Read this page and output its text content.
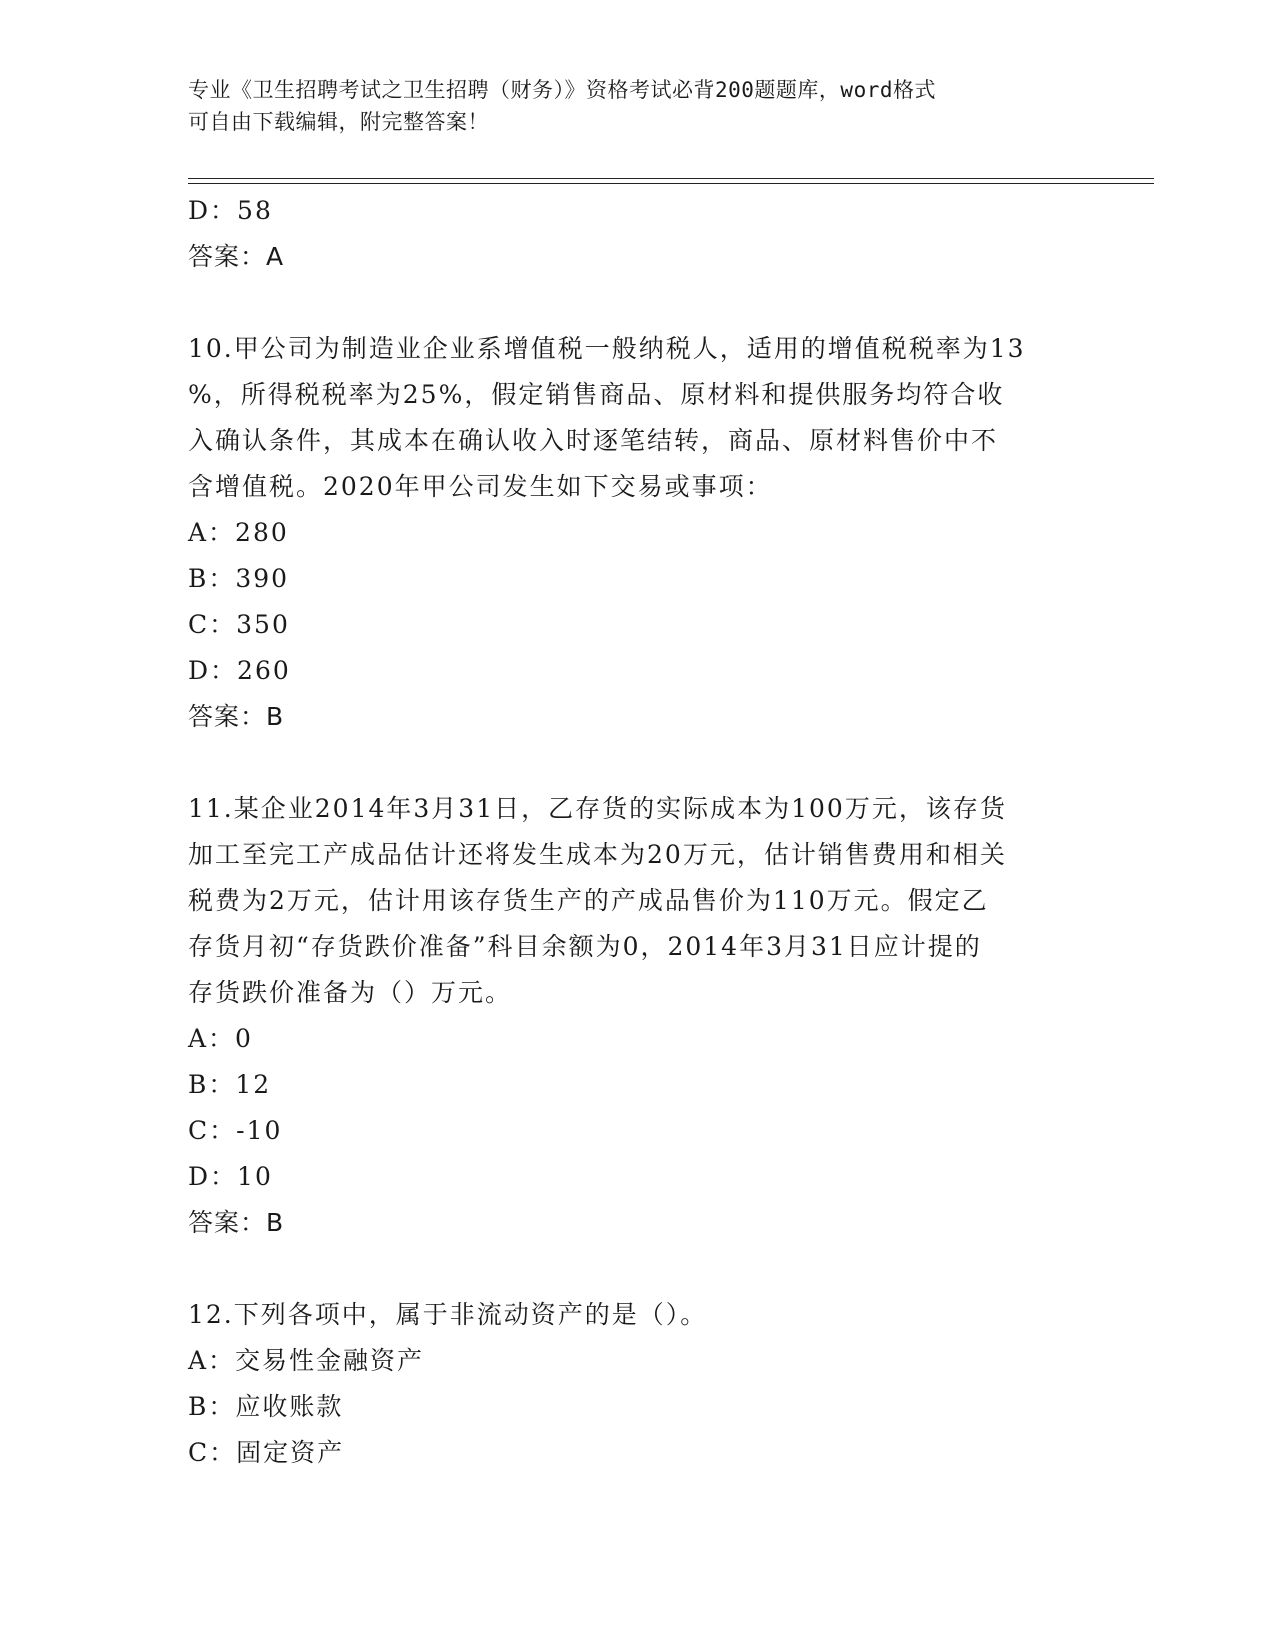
专业《卫生招聘考试之卫生招聘（财务）》资格考试必背200题题库，word格式
可自由下载编辑，附完整答案！
D：58
答案：A
10.甲公司为制造业企业系增值税一般纳税人，适用的增值税税率为13
%，所得税税率为25%，假定销售商品、原材料和提供服务均符合收
入确认条件，其成本在确认收入时逐笔结转，商品、原材料售价中不
含增值税。2020年甲公司发生如下交易或事项：
A：280
B：390
C：350
D：260
答案：B
11.某企业2014年3月31日，乙存货的实际成本为100万元，该存货
加工至完工产成品估计还将发生成本为20万元，估计销售费用和相关
税费为2万元，估计用该存货生产的产成品售价为110万元。假定乙
存货月初“存货跌价准备”科目余额为0，2014年3月31日应计提的
存货跌价准备为（）万元。
A：0
B：12
C：-10
D：10
答案：B
12.下列各项中，属于非流动资产的是（）。
A：交易性金融资产
B：应收账款
C：固定资产
